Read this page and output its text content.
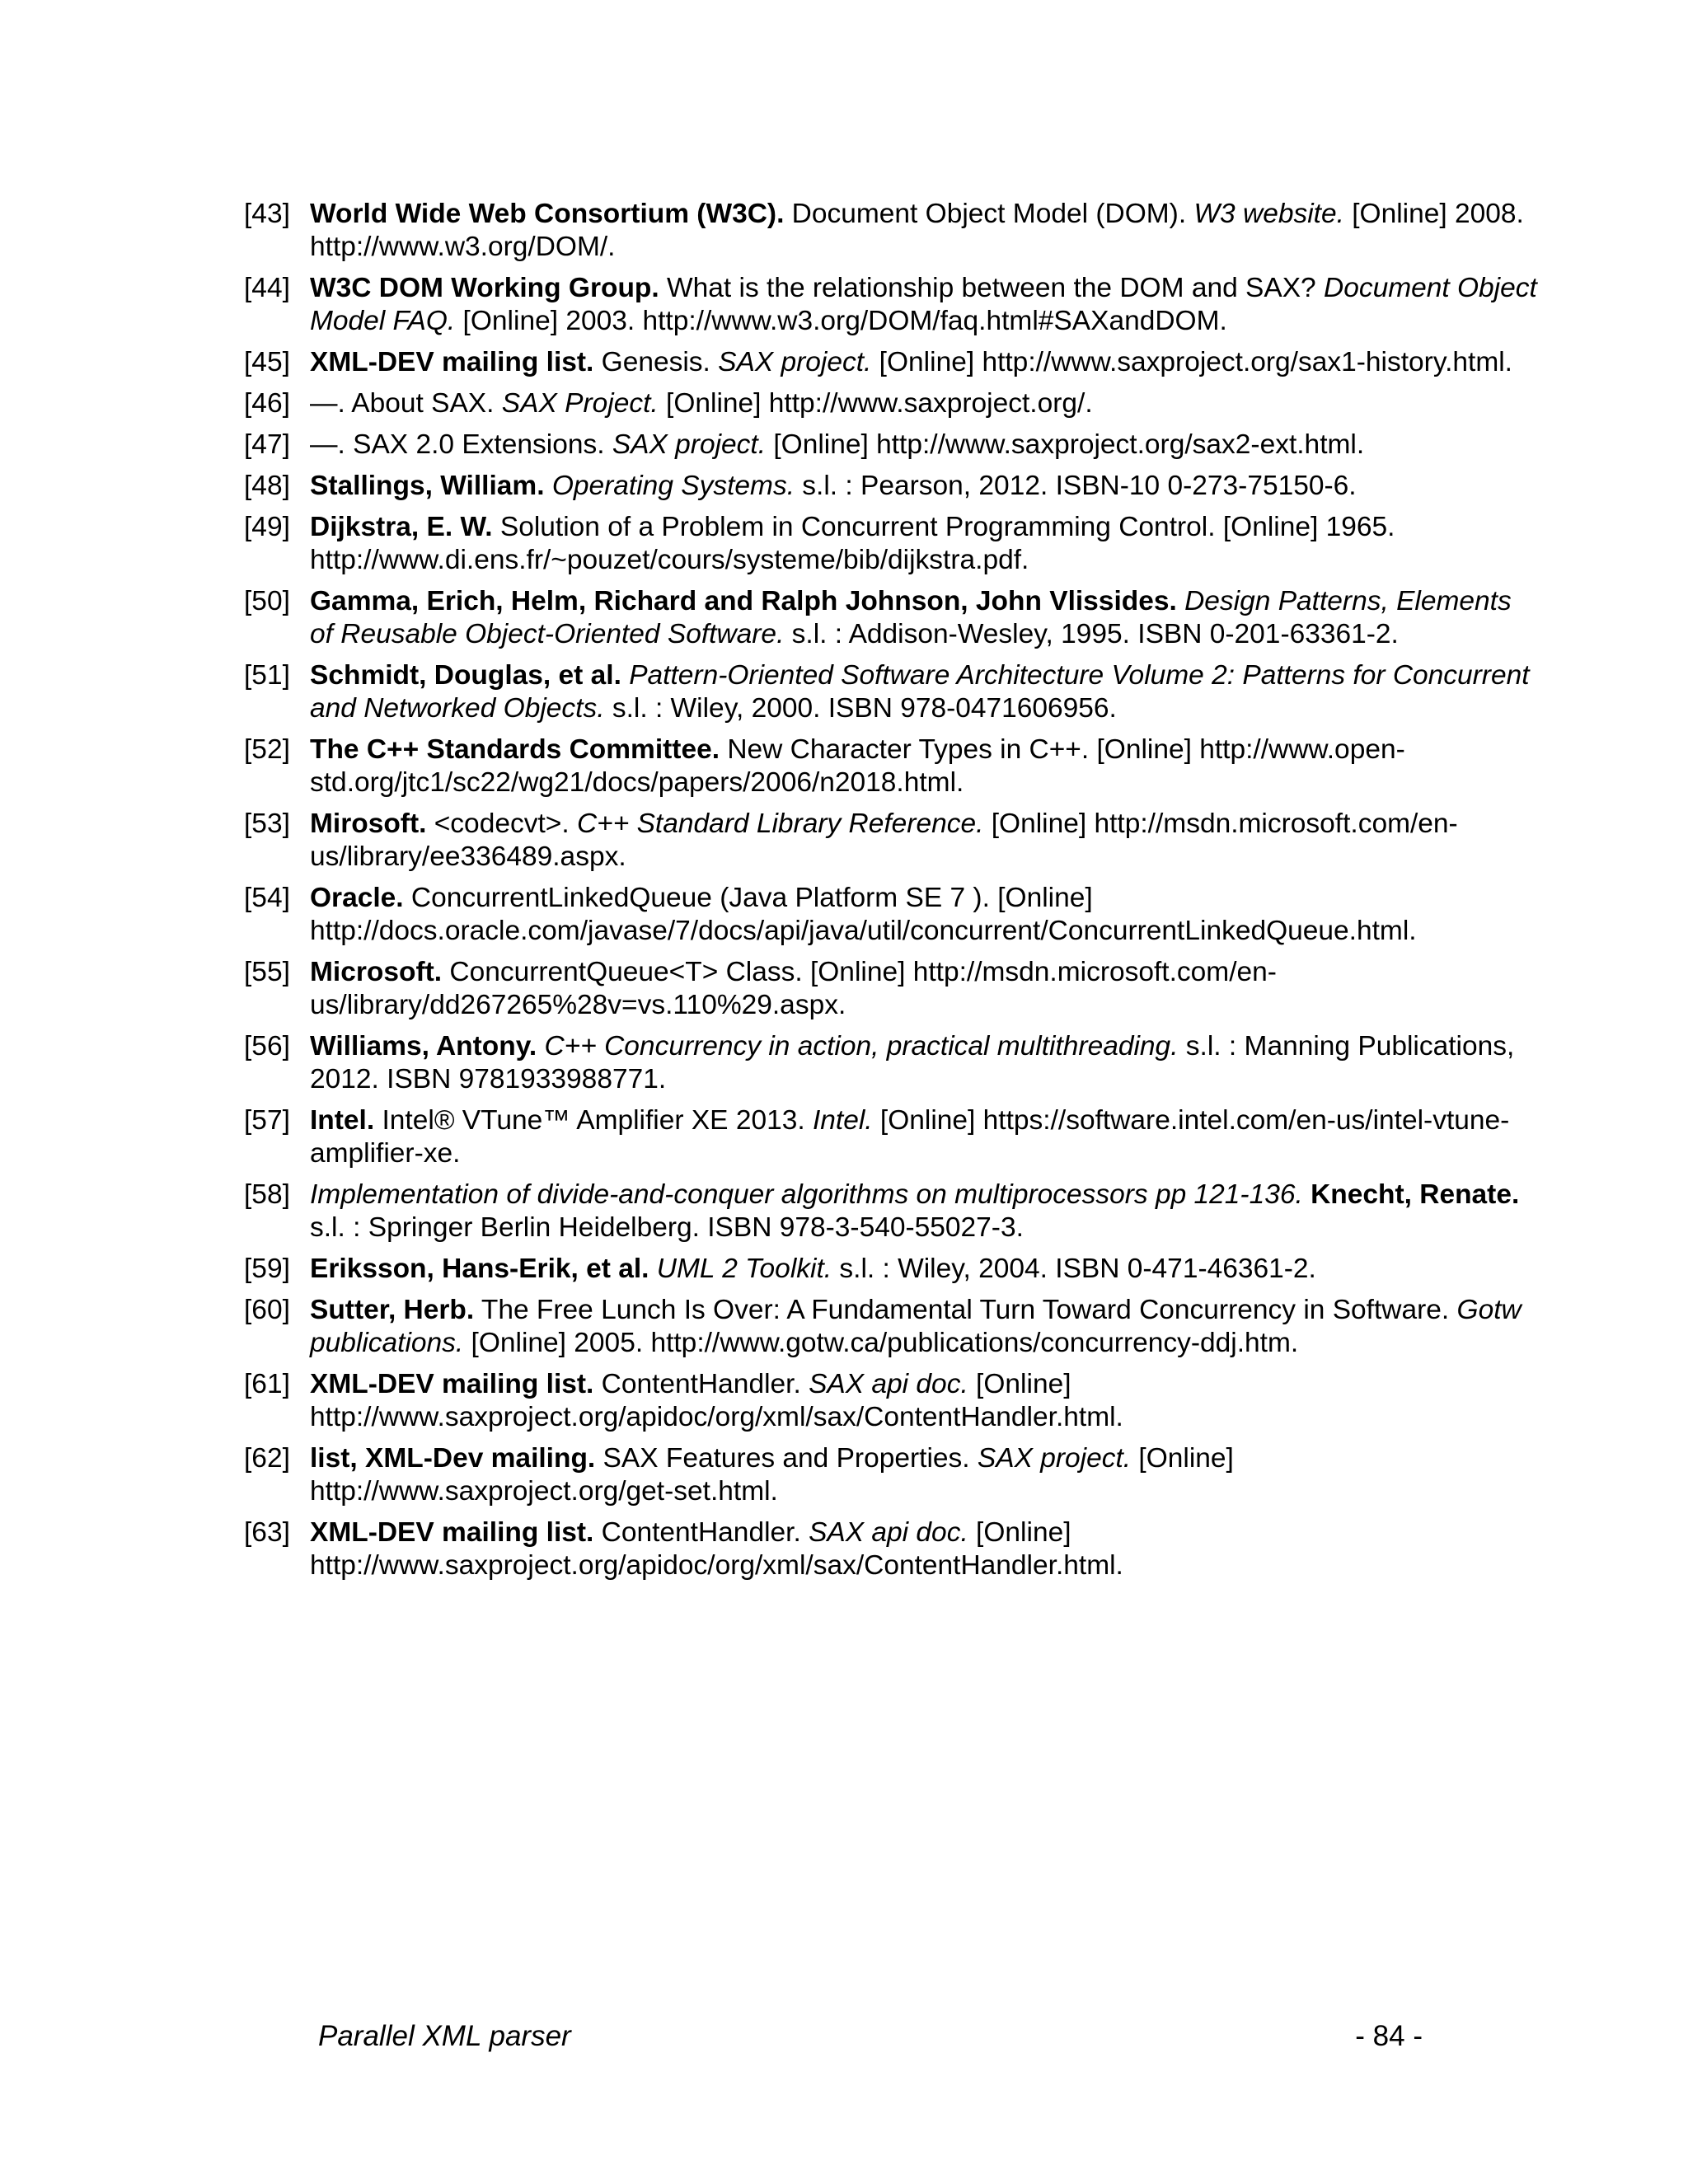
[43] World Wide Web Consortium (W3C). Document Object Model (DOM). W3 website. [Online] 2008. http://www.w3.org/DOM/.
[44] W3C DOM Working Group. What is the relationship between the DOM and SAX? Document Object Model FAQ. [Online] 2003. http://www.w3.org/DOM/faq.html#SAXandDOM.
[45] XML-DEV mailing list. Genesis. SAX project. [Online] http://www.saxproject.org/sax1-history.html.
[46] —. About SAX. SAX Project. [Online] http://www.saxproject.org/.
[47] —. SAX 2.0 Extensions. SAX project. [Online] http://www.saxproject.org/sax2-ext.html.
[48] Stallings, William. Operating Systems. s.l. : Pearson, 2012. ISBN-10 0-273-75150-6.
[49] Dijkstra, E. W. Solution of a Problem in Concurrent Programming Control. [Online] 1965. http://www.di.ens.fr/~pouzet/cours/systeme/bib/dijkstra.pdf.
[50] Gamma, Erich, Helm, Richard and Ralph Johnson, John Vlissides. Design Patterns, Elements of Reusable Object-Oriented Software. s.l. : Addison-Wesley, 1995. ISBN 0-201-63361-2.
[51] Schmidt, Douglas, et al. Pattern-Oriented Software Architecture Volume 2: Patterns for Concurrent and Networked Objects. s.l. : Wiley, 2000. ISBN 978-0471606956.
[52] The C++ Standards Committee. New Character Types in C++. [Online] http://www.open-std.org/jtc1/sc22/wg21/docs/papers/2006/n2018.html.
[53] Mirosoft. <codecvt>. C++ Standard Library Reference. [Online] http://msdn.microsoft.com/en-us/library/ee336489.aspx.
[54] Oracle. ConcurrentLinkedQueue (Java Platform SE 7 ). [Online] http://docs.oracle.com/javase/7/docs/api/java/util/concurrent/ConcurrentLinkedQueue.html.
[55] Microsoft. ConcurrentQueue<T> Class. [Online] http://msdn.microsoft.com/en-us/library/dd267265%28v=vs.110%29.aspx.
[56] Williams, Antony. C++ Concurrency in action, practical multithreading. s.l. : Manning Publications, 2012. ISBN 9781933988771.
[57] Intel. Intel® VTune™ Amplifier XE 2013. Intel. [Online] https://software.intel.com/en-us/intel-vtune-amplifier-xe.
[58] Implementation of divide-and-conquer algorithms on multiprocessors pp 121-136. Knecht, Renate. s.l. : Springer Berlin Heidelberg. ISBN 978-3-540-55027-3.
[59] Eriksson, Hans-Erik, et al. UML 2 Toolkit. s.l. : Wiley, 2004. ISBN 0-471-46361-2.
[60] Sutter, Herb. The Free Lunch Is Over: A Fundamental Turn Toward Concurrency in Software. Gotw publications. [Online] 2005. http://www.gotw.ca/publications/concurrency-ddj.htm.
[61] XML-DEV mailing list. ContentHandler. SAX api doc. [Online] http://www.saxproject.org/apidoc/org/xml/sax/ContentHandler.html.
[62] list, XML-Dev mailing. SAX Features and Properties. SAX project. [Online] http://www.saxproject.org/get-set.html.
[63] XML-DEV mailing list. ContentHandler. SAX api doc. [Online] http://www.saxproject.org/apidoc/org/xml/sax/ContentHandler.html.
Parallel XML parser	- 84 -
